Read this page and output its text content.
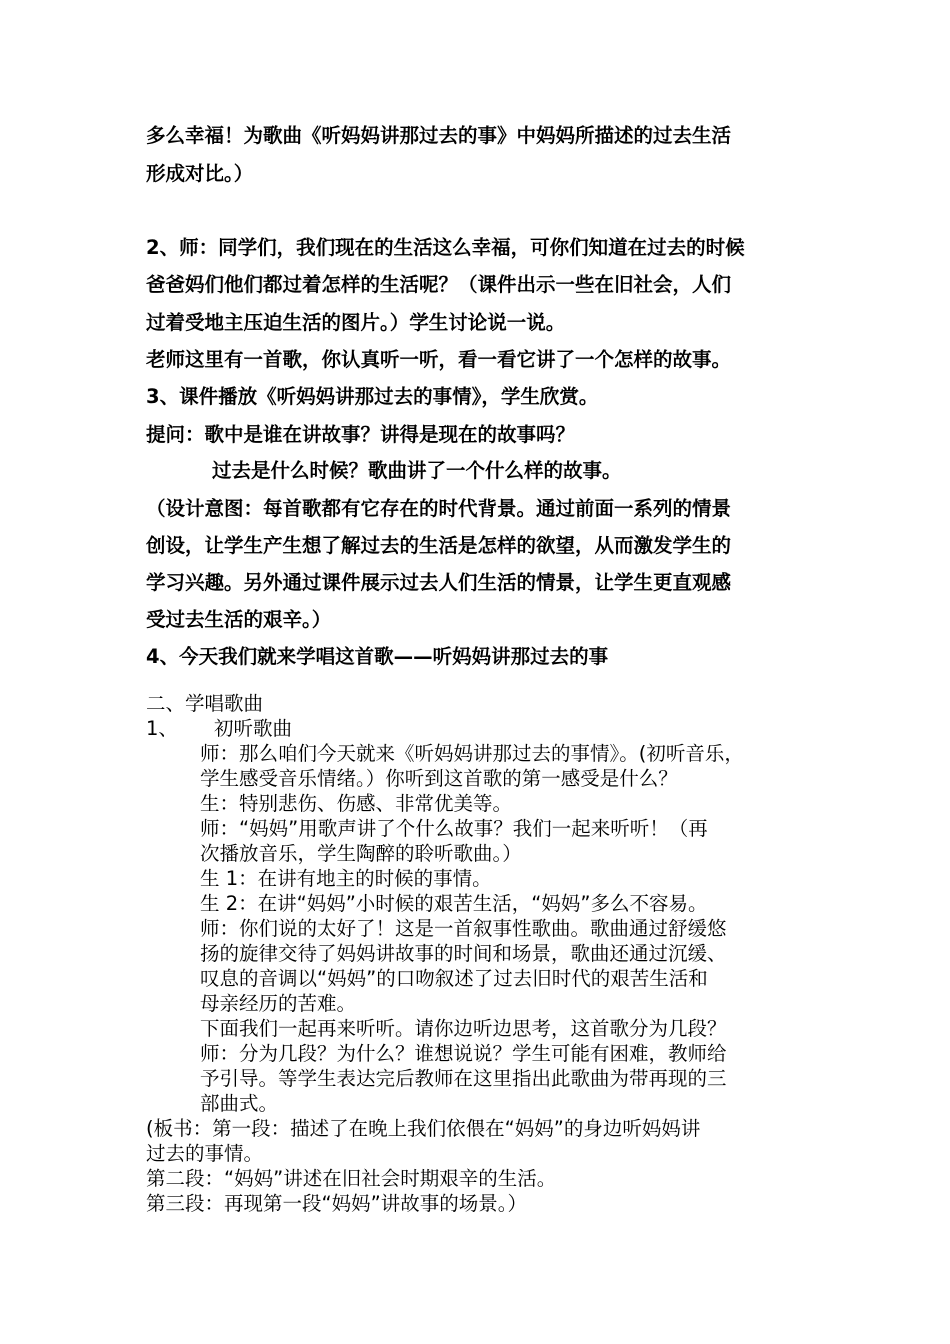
多么幸福！为歌曲《听妈妈讲那过去的事》中妈妈所描述的过去生活
形成对比。）
2、师：同学们，我们现在的生活这么幸福，可你们知道在过去的时候
爸爸妈们他们都过着怎样的生活呢？（课件出示一些在旧社会，人们
过着受地主压迫生活的图片。）学生讨论说一说。
老师这里有一首歌，你认真听一听，看一看它讲了一个怎样的故事。
3、课件播放《听妈妈讲那过去的事情》，学生欣赏。
提问：歌中是谁在讲故事？讲得是现在的故事吗？
过去是什么时候？歌曲讲了一个什么样的故事。
（设计意图：每首歌都有它存在的时代背景。通过前面一系列的情景
创设，让学生产生想了解过去的生活是怎样的欲望，从而激发学生的
学习兴趣。另外通过课件展示过去人们生活的情景，让学生更直观感
受过去生活的艰辛。）
4、今天我们就来学唱这首歌——听妈妈讲那过去的事
二、学唱歌曲
1、 初听歌曲
师：那么咱们今天就来《听妈妈讲那过去的事情》。(初听音乐，
学生感受音乐情绪。）你听到这首歌的第一感受是什么？
生：特别悲伤、伤感、非常优美等。
师：“妈妈”用歌声讲了个什么故事？我们一起来听听！（再
次播放音乐，学生陶醉的聆听歌曲。）
生 1：在讲有地主的时候的事情。
生 2：在讲“妈妈”小时候的艰苦生活，“妈妈”多么不容易。
师：你们说的太好了！这是一首叙事性歌曲。歌曲通过舒缓悠
扬的旋律交待了妈妈讲故事的时间和场景，歌曲还通过沉缓、
叹息的音调以“妈妈”的口吻叙述了过去旧时代的艰苦生活和
母亲经历的苦难。
下面我们一起再来听听。请你边听边思考，这首歌分为几段？
师：分为几段？为什么？谁想说说？学生可能有困难，教师给
予引导。等学生表达完后教师在这里指出此歌曲为带再现的三
部曲式。
(板书：第一段：描述了在晚上我们依偎在“妈妈”的身边听妈妈讲
过去的事情。
第二段：“妈妈”讲述在旧社会时期艰辛的生活。
第三段：再现第一段“妈妈”讲故事的场景。）
